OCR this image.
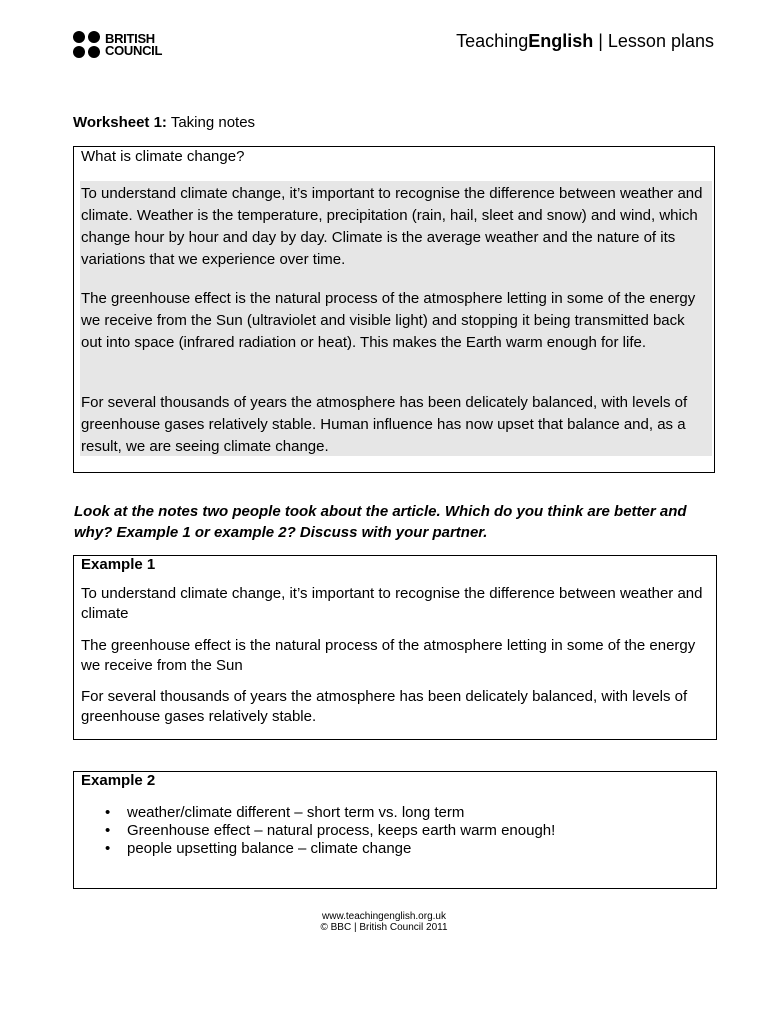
BRITISH
COUNCIL	TeachingEnglish | Lesson plans
Worksheet 1: Taking notes
What is climate change?

To understand climate change, it’s important to recognise the difference between weather and climate. Weather is the temperature, precipitation (rain, hail, sleet and snow) and wind, which change hour by hour and day by day. Climate is the average weather and the nature of its variations that we experience over time.

The greenhouse effect is the natural process of the atmosphere letting in some of the energy we receive from the Sun (ultraviolet and visible light) and stopping it being transmitted back out into space (infrared radiation or heat). This makes the Earth warm enough for life.

For several thousands of years the atmosphere has been delicately balanced, with levels of greenhouse gases relatively stable. Human influence has now upset that balance and, as a result, we are seeing climate change.

Look at the notes two people took about the article. Which do you think are better and why? Example 1 or example 2? Discuss with your partner.

Example 1

To understand climate change, it’s important to recognise the difference between weather and climate

The greenhouse effect is the natural process of the atmosphere letting in some of the energy we receive from the Sun

For several thousands of years the atmosphere has been delicately balanced, with levels of greenhouse gases relatively stable.

Example 2
• weather/climate different – short term vs. long term
• Greenhouse effect – natural process, keeps earth warm enough!
• people upsetting balance – climate change
www.teachingenglish.org.uk
© BBC | British Council 2011
